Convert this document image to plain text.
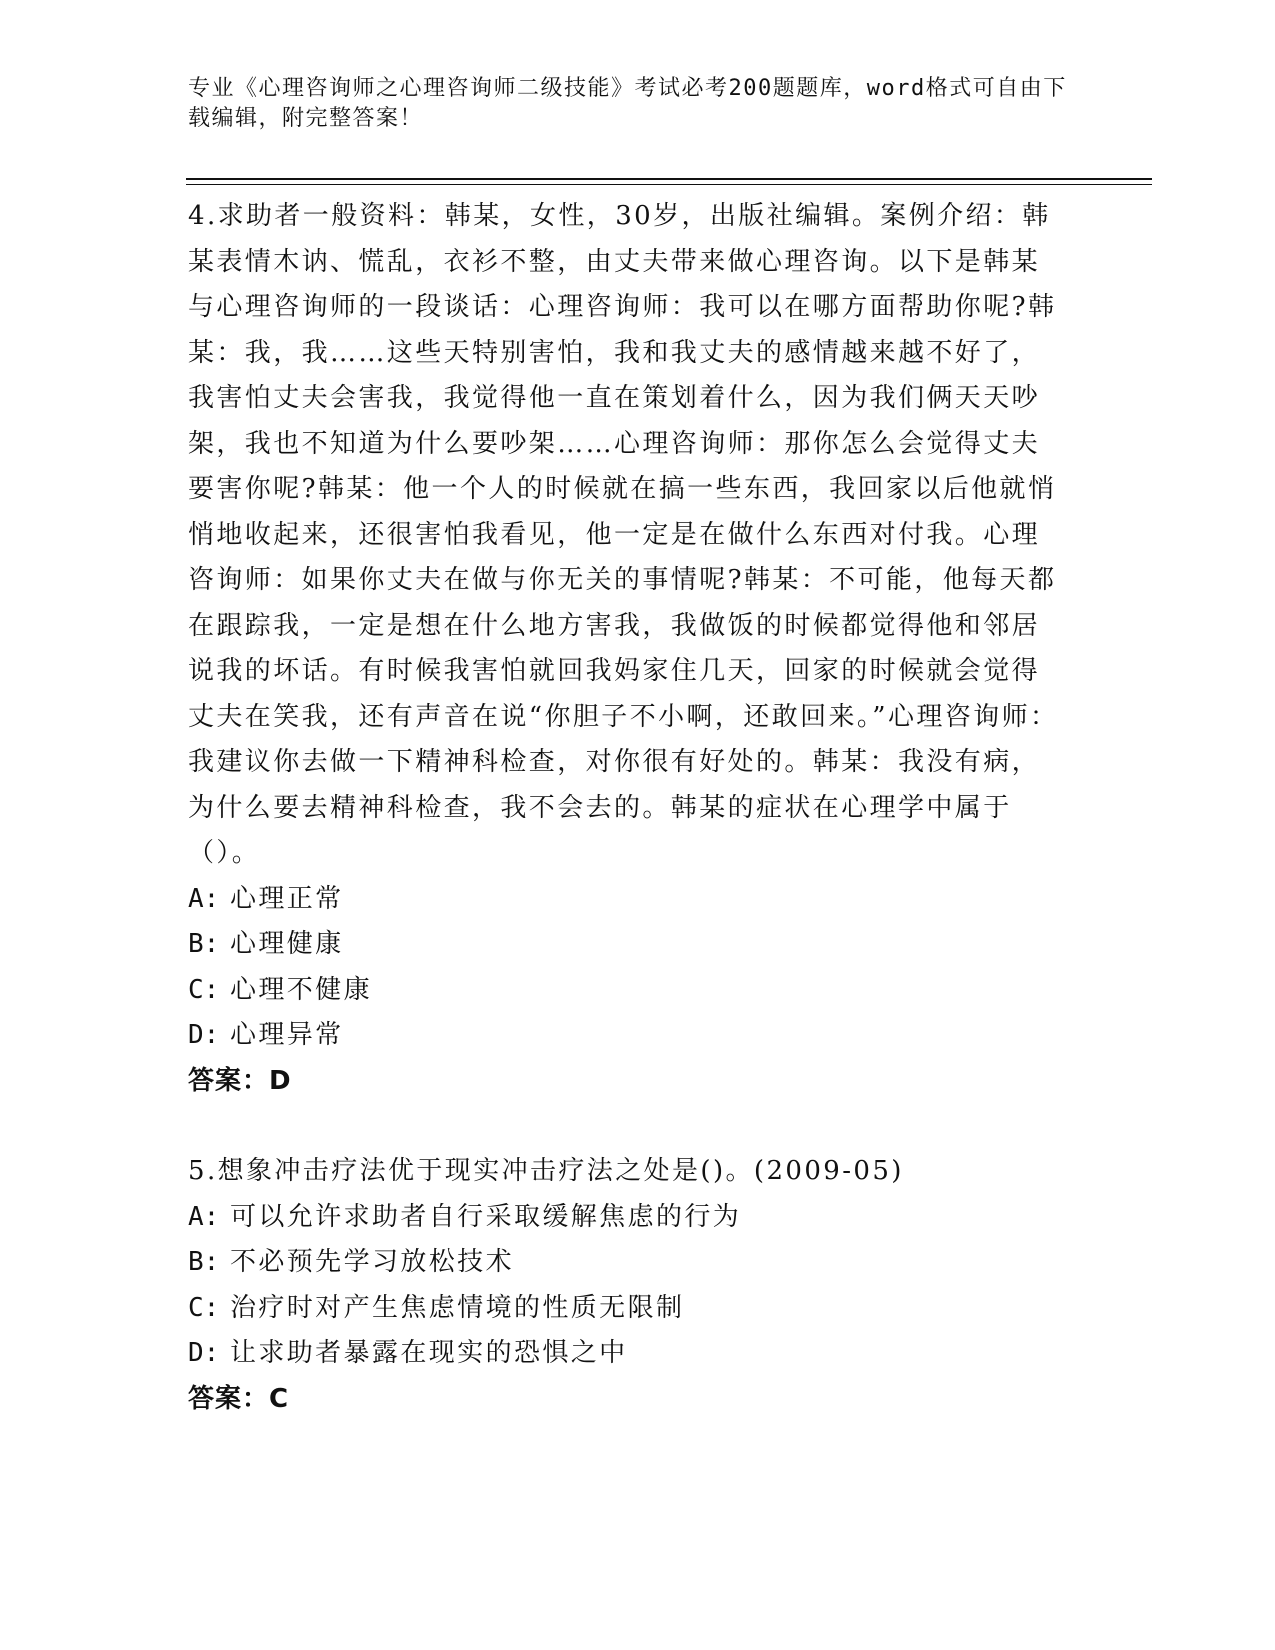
专业《心理咨询师之心理咨询师二级技能》考试必考200题题库，word格式可自由下载编辑，附完整答案！

4.求助者一般资料：韩某，女性，30岁，出版社编辑。案例介绍：韩某表情木讷、慌乱，衣衫不整，由丈夫带来做心理咨询。以下是韩某与心理咨询师的一段谈话：心理咨询师：我可以在哪方面帮助你呢?韩某：我，我……这些天特别害怕，我和我丈夫的感情越来越不好了，我害怕丈夫会害我，我觉得他一直在策划着什么，因为我们俩天天吵架，我也不知道为什么要吵架……心理咨询师：那你怎么会觉得丈夫要害你呢?韩某：他一个人的时候就在搞一些东西，我回家以后他就悄悄地收起来，还很害怕我看见，他一定是在做什么东西对付我。心理咨询师：如果你丈夫在做与你无关的事情呢?韩某：不可能，他每天都在跟踪我，一定是想在什么地方害我，我做饭的时候都觉得他和邻居说我的坏话。有时候我害怕就回我妈家住几天，回家的时候就会觉得丈夫在笑我，还有声音在说“你胆子不小啊，还敢回来。”心理咨询师：我建议你去做一下精神科检查，对你很有好处的。韩某：我没有病，为什么要去精神科检查，我不会去的。韩某的症状在心理学中属于（）。

A: 心理正常

B: 心理健康

C: 心理不健康

D: 心理异常

答案：D

5.想象冲击疗法优于现实冲击疗法之处是()。(2009-05)

A: 可以允许求助者自行采取缓解焦虑的行为

B: 不必预先学习放松技术

C: 治疗时对产生焦虑情境的性质无限制

D: 让求助者暴露在现实的恐惧之中

答案：C
